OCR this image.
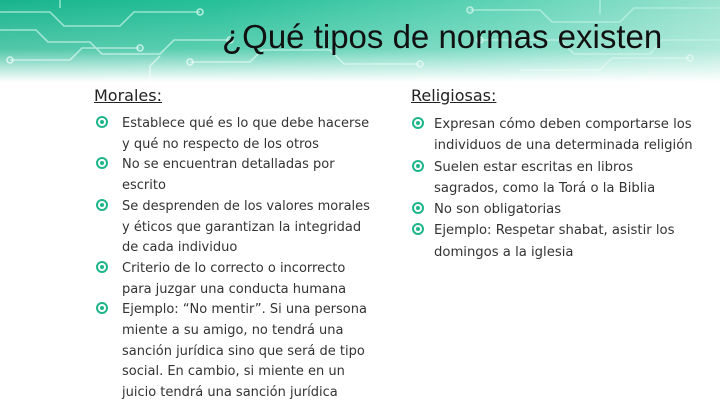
¿Qué tipos de normas existen
Morales:
Establece qué es lo que debe hacerse y qué no respecto de los otros
No se encuentran detalladas por escrito
Se desprenden de los valores morales y éticos que garantizan la integridad de cada individuo
Criterio de lo correcto o incorrecto para juzgar una conducta humana
Ejemplo: “No mentir”. Si una persona miente a su amigo, no tendrá una sanción jurídica sino que será de tipo social. En cambio, si miente en un juicio tendrá una sanción jurídica
Religiosas:
Expresan cómo deben comportarse los individuos de una determinada religión
Suelen estar escritas en libros sagrados, como la Torá o la Biblia
No son obligatorias
Ejemplo: Respetar shabat, asistir los domingos a la iglesia
